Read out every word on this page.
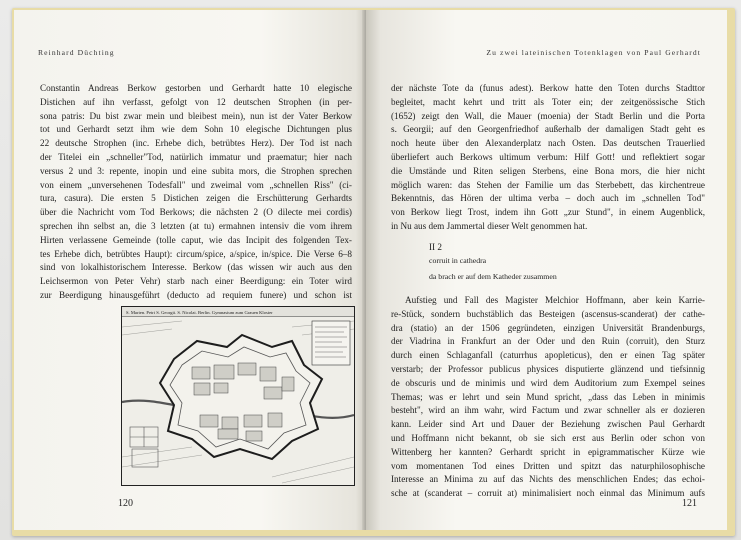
Reinhard Düchting
Constantin Andreas Berkow gestorben und Gerhardt hatte 10 elegische
Distichen auf ihn verfasst, gefolgt von 12 deutschen Strophen (in per-
sona patris: Du bist zwar mein und bleibest mein), nun ist der Vater Berkow
tot und Gerhardt setzt ihm wie dem Sohn 10 elegische Dichtungen plus
22 deutsche Strophen (inc. Erhebe dich, betrübtes Herz). Der Tod ist nach
der Titelei ein „schneller"Tod, natürlich immatur und praematur; hier nach
versus 2 und 3: repente, inopin und eine subita mors, die Strophen sprechen
von einem „unversehenen Todesfall" und zweimal vom „schnellen Riss" (ci-
tura, casura). Die ersten 5 Distichen zeigen die Erschütterung Gerhardts
über die Nachricht vom Tod Berkows; die nächsten 2 (O dilecte mei cordis)
sprechen ihn selbst an, die 3 letzten (at tu) ermahnen intensiv die vom ihrem
Hirten verlassene Gemeinde (tolle caput, wie das Incipit des folgenden Tex-
tes Erhebe dich, betrübtes Haupt): circum/spice, a/spice, in/spice. Die Verse 6–8
sind von lokalhistorischem Interesse. Berkow (das wissen wir auch aus den
Leichsermon von Peter Vehr) starb nach einer Beerdigung: ein Toter wird
zur Beerdigung hinausgeführt (deducto ad requiem funere) und schon ist
S. Marien. Petri S. Georgii. S. Nicolai. Berlin. Gymnasium zum Grauen Kloster
120
Zu zwei lateinischen Totenklagen von Paul Gerhardt
der nächste Tote da (funus adest). Berkow hatte den Toten durchs Stadttor
begleitet, macht kehrt und tritt als Toter ein; der zeitgenössische Stich
(1652) zeigt den Wall, die Mauer (moenia) der Stadt Berlin und die Porta
s. Georgii; auf den Georgenfriedhof außerhalb der damaligen Stadt geht es
noch heute über den Alexanderplatz nach Osten. Das deutschen Trauerlied
überliefert auch Berkows ultimum verbum: Hilf Gott! und reflektiert sogar
die Umstände und Riten seligen Sterbens, eine Bona mors, die hier nicht
möglich waren: das Stehen der Familie um das Sterbebett, das kirchentreue
Bekenntnis, das Hören der ultima verba – doch auch im „schnellen Tod"
von Berkow liegt Trost, indem ihn Gott „zur Stund", in einem Augenblick,
in Nu aus dem Jammertal dieser Welt genommen hat.
II 2
corruit in cathedra
da brach er auf dem Katheder zusammen
Aufstieg und Fall des Magister Melchior Hoffmann, aber kein Karrie-
re-Stück, sondern buchstäblich das Besteigen (ascensus-scanderat) der cathe-
dra (statio) an der 1506 gegründeten, einzigen Universität Brandenburgs,
der Viadrina in Frankfurt an der Oder und den Ruin (corruit), den Sturz
durch einen Schlaganfall (caturrhus apopleticus), den er einen Tag später
verstarb; der Professor publicus physices disputierte glänzend und tiefsinnig
de obscuris und de minimis und wird dem Auditorium zum Exempel seines
Themas; was er lehrt und sein Mund spricht, „dass das Leben in minimis
besteht", wird an ihm wahr, wird Factum und zwar schneller als er dozieren
kann. Leider sind Art und Dauer der Beziehung zwischen Paul Gerhardt
und Hoffmann nicht bekannt, ob sie sich erst aus Berlin oder schon von
Wittenberg her kannten? Gerhardt spricht in epigrammatischer Kürze wie
vom momentanen Tod eines Dritten und spitzt das naturphilosophische
Interesse an Minima zu auf das Nichts des menschlichen Endes; das echoi-
sche at (scanderat – corruit at) minimalisiert noch einmal das Minimum aufs
121
